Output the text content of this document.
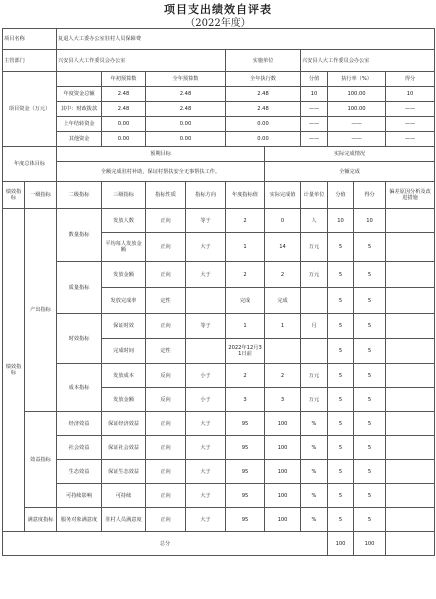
项目支出绩效自评表
（2022年度）
项目名称		复退人大工委办公室驻村人员保障费									
主管部门		兴安县人大工作委员会办公室				实施单位		兴安县人大工作委员会办公室			
项目资金（万元）			年初预算数	全年预算数		全年执行数		分值	执行率（%）		得分
		年度资金总额	2.48	2.48		2.48		10	100.00		10
		其中：财政拨款	2.48	2.48		2.48		——	100.00		——
		上年结转资金	0.00	0.00		0.00		——	——		——
		其他资金	0.00	0.00		0.00		——	——		——
年度总体目标		预期目标					实际完成情况				
		全额完成驻村补助，保证村帮扶安全无事帮扶工作。					全额完成				
绩效指标	一级指标	二级指标	三级指标	指标性质	指标方向	年度指标值	实际完成值	计量单位	分值	得分	偏差原因分析及改进措施
绩效指标	产出指标	数量指标	发放人数	正向	等于	2	0	人	10	10	
			平均每人发放金额	正向	大于	1	14	万元	5	5	
		质量指标	发放金额	正向	大于	2	2	万元	5	5	
			发放完成率	定性		完成	完成		5	5	
		时效指标	保证时效	正向	等于	1	1	月	5	5	
			完成时间	定性		2022年12月31日前			5	5	
		成本指标	发放成本	反向	小于	2	2	万元	5	5	
			发放金额	反向	小于	3	3	万元	5	5	
	效益指标	经济效益	保证经济效益	正向	大于	95	100	%	5	5	
		社会效益	保证社会效益	正向	大于	95	100	%	5	5	
		生态效益	保证生态效益	正向	大于	95	100	%	5	5	
		可持续影响	可持续	正向	大于	95	100	%	5	5	
	满意度指标	服务对象满意度	驻村人员满意度	正向	大于	95	100	%	5	5	
总分									100	100	
